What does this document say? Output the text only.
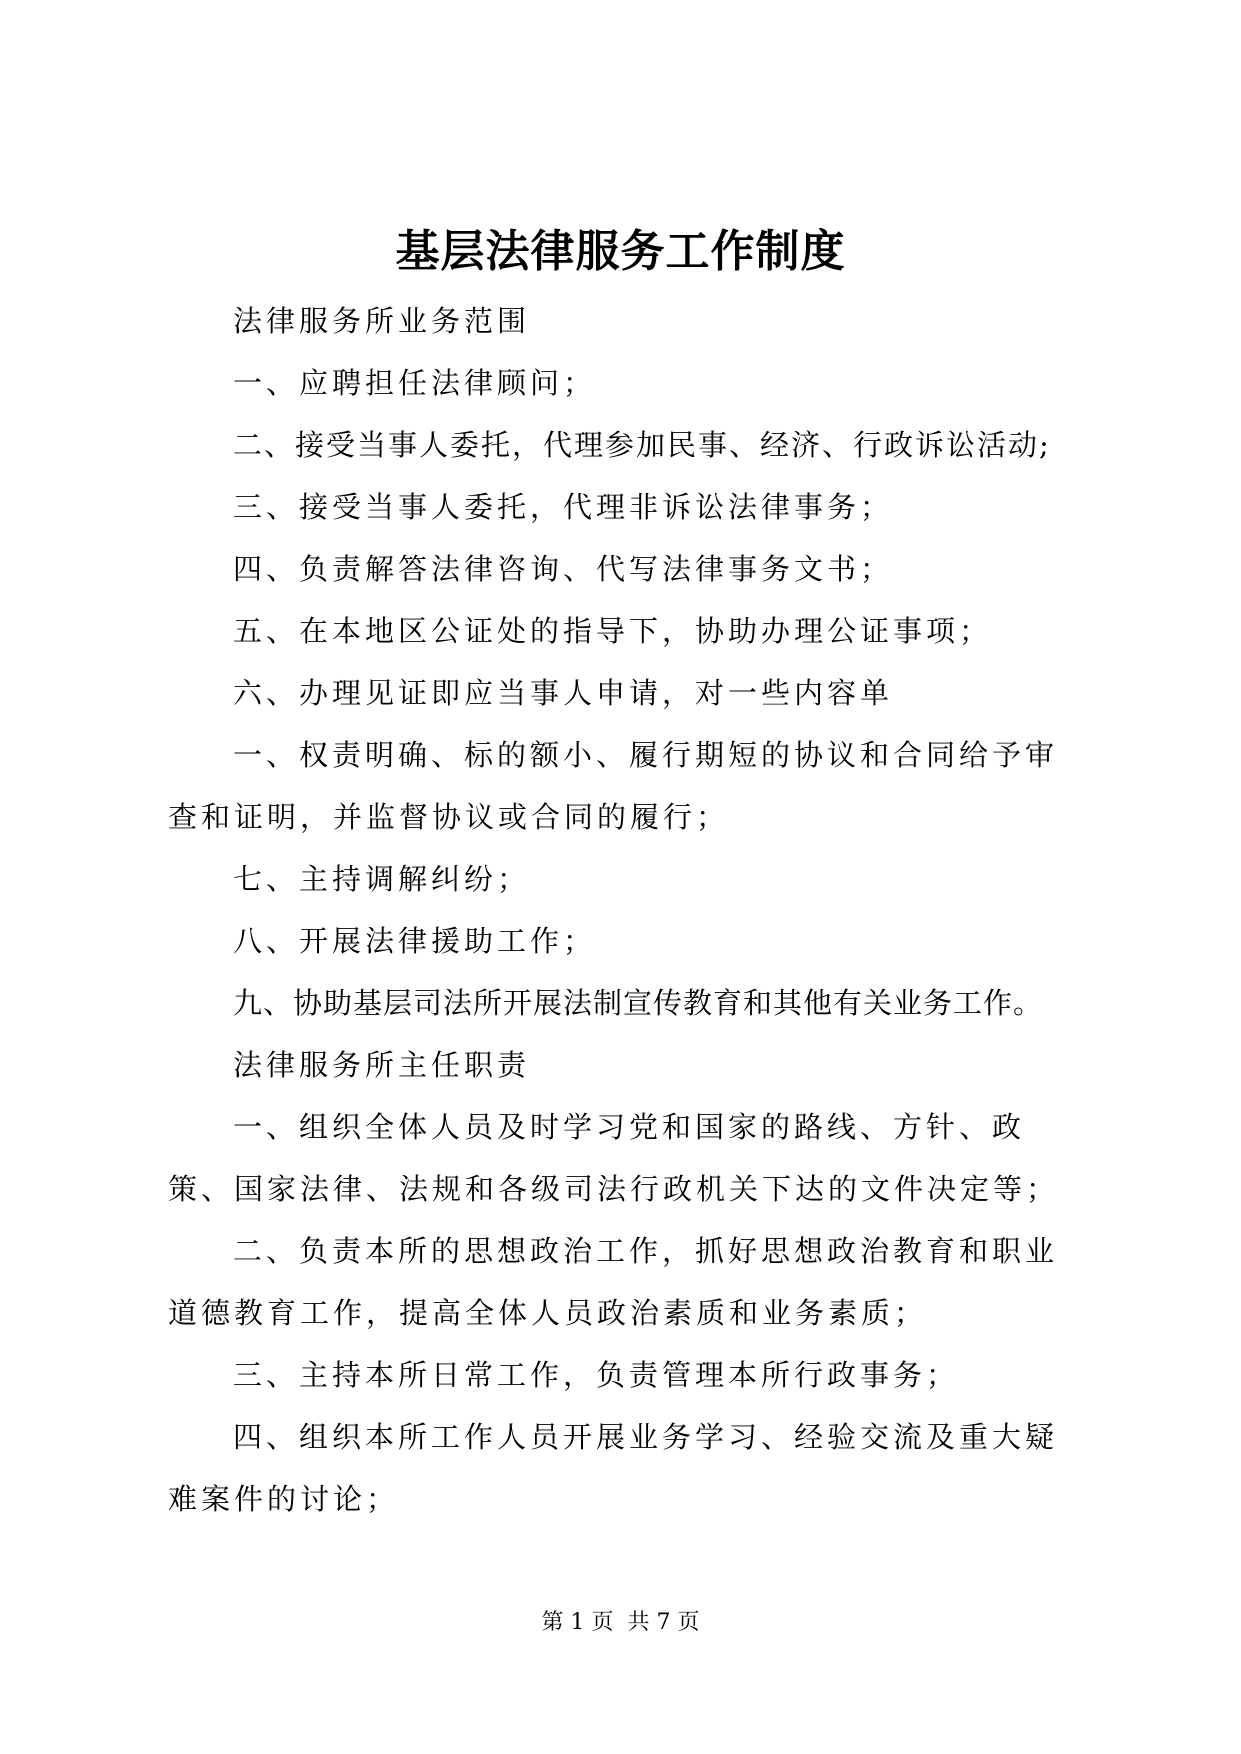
基层法律服务工作制度

法律服务所业务范围

一、应聘担任法律顾问；

二、接受当事人委托，代理参加民事、经济、行政诉讼活动;

三、接受当事人委托，代理非诉讼法律事务；

四、负责解答法律咨询、代写法律事务文书；

五、在本地区公证处的指导下，协助办理公证事项；

六、办理见证即应当事人申请，对一些内容单

一、权责明确、标的额小、履行期短的协议和合同给予审查和证明，并监督协议或合同的履行；

七、主持调解纠纷；

八、开展法律援助工作；

九、协助基层司法所开展法制宣传教育和其他有关业务工作。

法律服务所主任职责

一、组织全体人员及时学习党和国家的路线、方针、政策、国家法律、法规和各级司法行政机关下达的文件决定等；

二、负责本所的思想政治工作，抓好思想政治教育和职业道德教育工作，提高全体人员政治素质和业务素质；

三、主持本所日常工作，负责管理本所行政事务；

四、组织本所工作人员开展业务学习、经验交流及重大疑难案件的讨论；

第 1 页 共 7 页
